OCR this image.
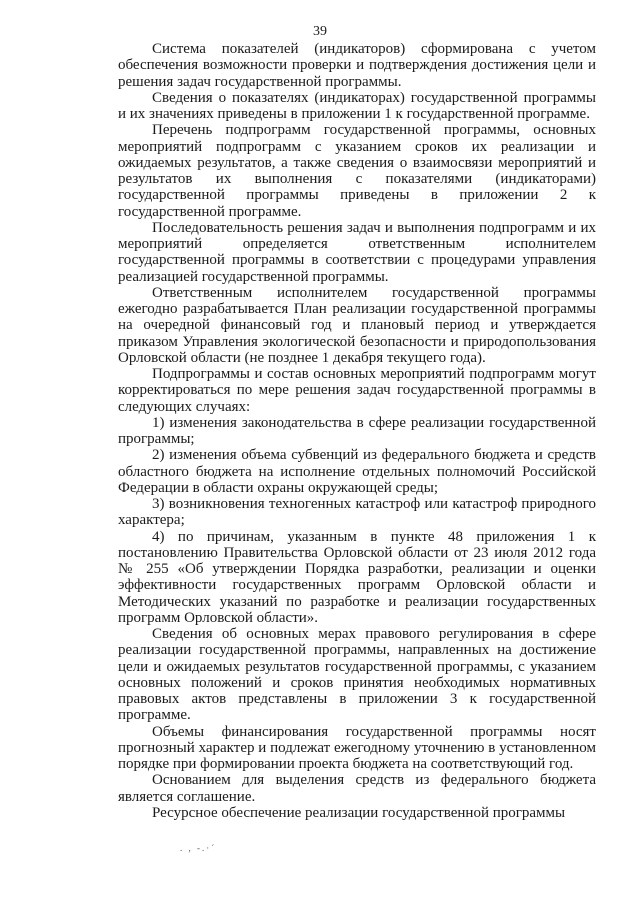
39

Система показателей (индикаторов) сформирована с учетом обеспечения возможности проверки и подтверждения достижения цели и решения задач государственной программы.

Сведения о показателях (индикаторах) государственной программы и их значениях приведены в приложении 1 к государственной программе.

Перечень подпрограмм государственной программы, основных мероприятий подпрограмм с указанием сроков их реализации и ожидаемых результатов, а также сведения о взаимосвязи мероприятий и результатов их выполнения с показателями (индикаторами) государственной программы приведены в приложении 2 к государственной программе.

Последовательность решения задач и выполнения подпрограмм и их мероприятий определяется ответственным исполнителем государственной программы в соответствии с процедурами управления реализацией государственной программы.

Ответственным исполнителем государственной программы ежегодно разрабатывается План реализации государственной программы на очередной финансовый год и плановый период и утверждается приказом Управления экологической безопасности и природопользования Орловской области (не позднее 1 декабря текущего года).

Подпрограммы и состав основных мероприятий подпрограмм могут корректироваться по мере решения задач государственной программы в следующих случаях:

1) изменения законодательства в сфере реализации государственной программы;

2) изменения объема субвенций из федерального бюджета и средств областного бюджета на исполнение отдельных полномочий Российской Федерации в области охраны окружающей среды;

3) возникновения техногенных катастроф или катастроф природного характера;

4) по причинам, указанным в пункте 48 приложения 1 к постановлению Правительства Орловской области от 23 июля 2012 года № 255 «Об утверждении Порядка разработки, реализации и оценки эффективности государственных программ Орловской области и Методических указаний по разработке и реализации государственных программ Орловской области».

Сведения об основных мерах правового регулирования в сфере реализации государственной программы, направленных на достижение цели и ожидаемых результатов государственной программы, с указанием основных положений и сроков принятия необходимых нормативных правовых актов представлены в приложении 3 к государственной программе.

Объемы финансирования государственной программы носят прогнозный характер и подлежат ежегодному уточнению в установленном порядке при формировании проекта бюджета на соответствующий год.

Основанием для выделения средств из федерального бюджета является соглашение.

Ресурсное обеспечение реализации государственной программы

. , -.·´
